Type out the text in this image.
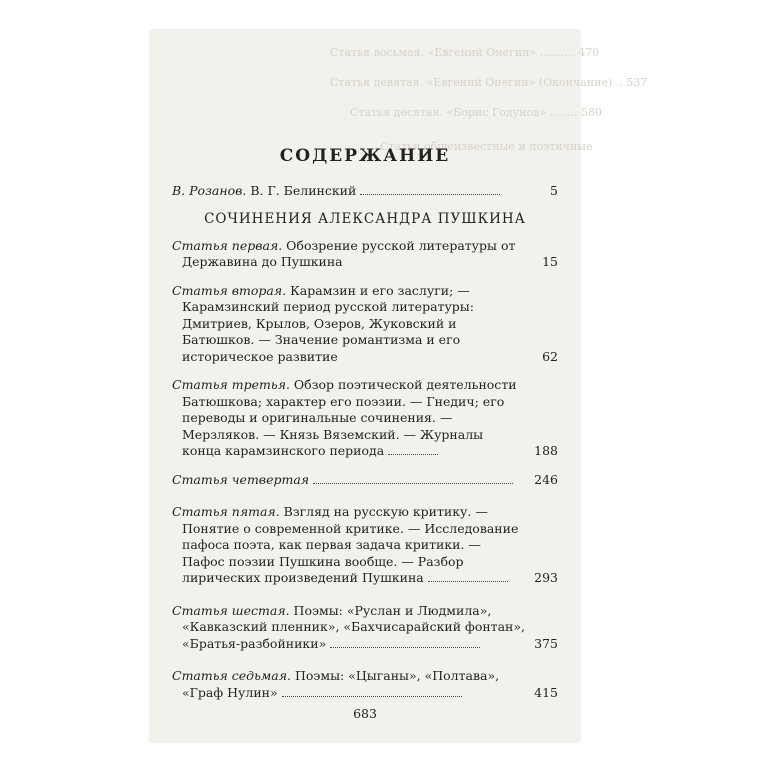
Статья восьмая. «Евгений Онегин» .......... 470
Статья девятая. «Евгений Онегин» (Окончание) .. 537
Статья десятая. «Борис Годунов» ........ 580
Статьи общеизвестные и поэтичные
СОДЕРЖАНИЕ
В. Розанов. В. Г. Белинский	5
СОЧИНЕНИЯ АЛЕКСАНДРА ПУШКИНА
Статья первая. Обозрение русской литературы от Державина до Пушкина	15
Статья вторая. Карамзин и его заслуги; — Карамзинский период русской литературы: Дмитриев, Крылов, Озеров, Жуковский и Батюшков. — Значение романтизма и его историческое развитие	62
Статья третья. Обзор поэтической деятельности Батюшкова; характер его поэзии. — Гнедич; его переводы и оригинальные сочинения. — Мерзляков. — Князь Вяземский. — Журналы конца карамзинского периода	188
Статья четвертая	246
Статья пятая. Взгляд на русскую критику. — Понятие о современной критике. — Исследование пафоса поэта, как первая задача критики. — Пафос поэзии Пушкина вообще. — Разбор лирических произведений Пушкина	293
Статья шестая. Поэмы: «Руслан и Людмила», «Кавказский пленник», «Бахчисарайский фонтан», «Братья-разбойники»	375
Статья седьмая. Поэмы: «Цыганы», «Полтава», «Граф Нулин»	415
683
